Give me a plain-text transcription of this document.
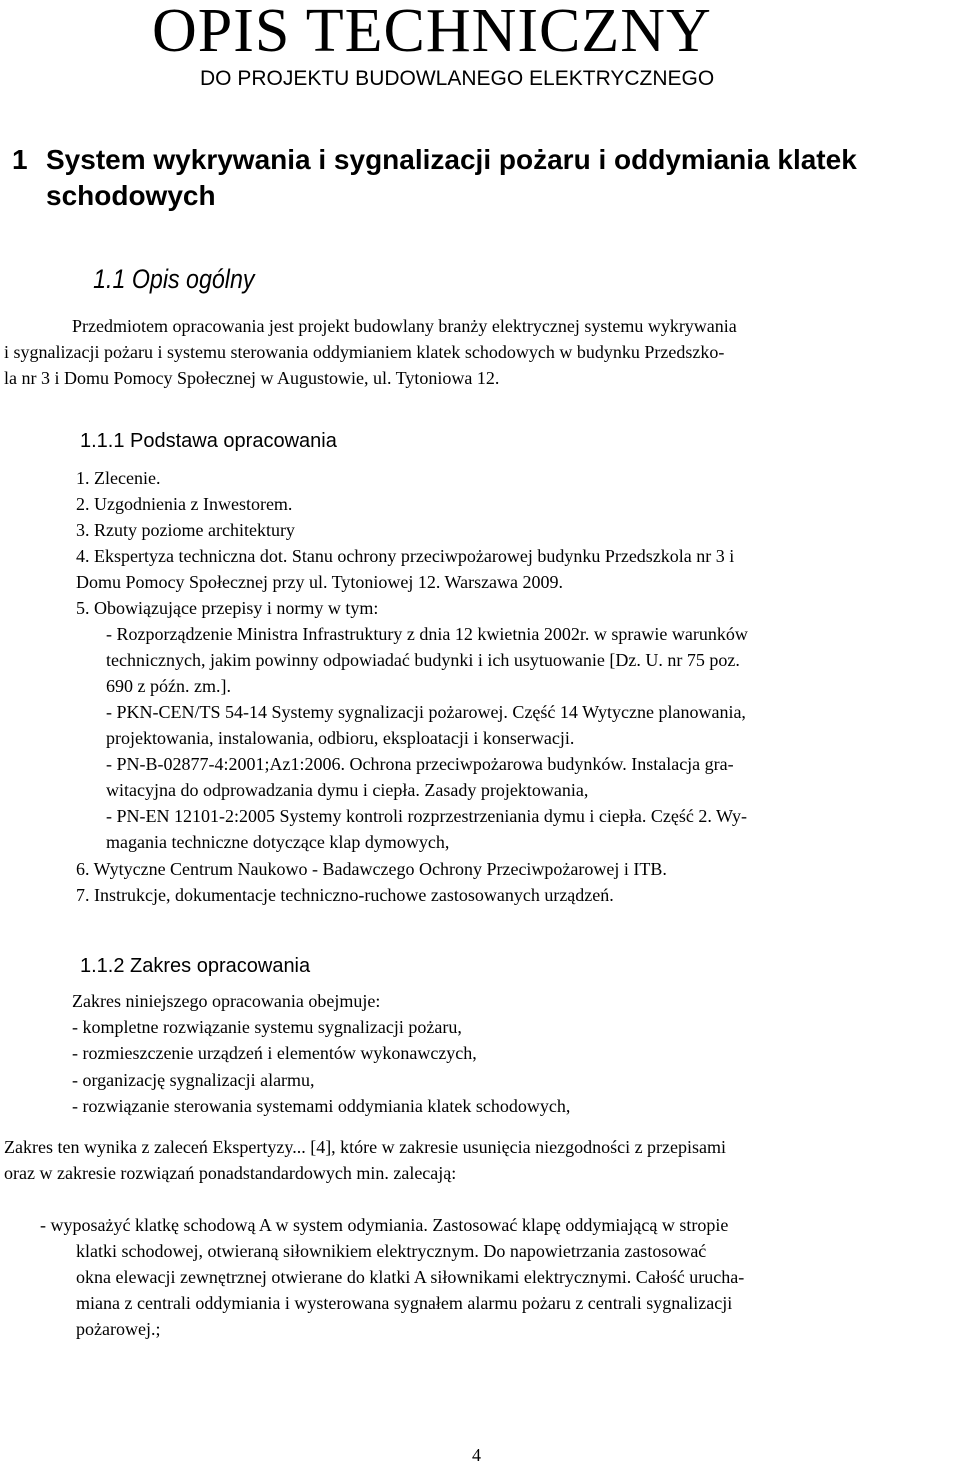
OPIS TECHNICZNY
DO PROJEKTU BUDOWLANEGO ELEKTRYCZNEGO
1 System wykrywania i sygnalizacji pożaru i oddymiania klatek
schodowych
1.1 Opis ogólny
Przedmiotem opracowania jest projekt budowlany branży elektrycznej systemu wykrywania
i sygnalizacji pożaru i systemu sterowania oddymianiem klatek schodowych w budynku Przedszko-
la nr 3 i Domu Pomocy Społecznej w Augustowie, ul. Tytoniowa 12.
1.1.1 Podstawa opracowania
1. Zlecenie.
2. Uzgodnienia z Inwestorem.
3. Rzuty poziome architektury
4. Ekspertyza techniczna dot. Stanu ochrony przeciwpożarowej budynku Przedszkola nr 3 i
Domu Pomocy Społecznej przy ul. Tytoniowej 12. Warszawa 2009.
5. Obowiązujące przepisy i normy w tym:
- Rozporządzenie Ministra Infrastruktury z dnia 12 kwietnia 2002r. w sprawie warunków
technicznych, jakim powinny odpowiadać budynki i ich usytuowanie [Dz. U. nr 75 poz.
690 z późn. zm.].
- PKN-CEN/TS 54-14 Systemy sygnalizacji pożarowej. Część 14 Wytyczne planowania,
projektowania, instalowania, odbioru, eksploatacji i konserwacji.
- PN-B-02877-4:2001;Az1:2006. Ochrona przeciwpożarowa budynków. Instalacja gra-
witacyjna do odprowadzania dymu i ciepła. Zasady projektowania,
- PN-EN 12101-2:2005 Systemy kontroli rozprzestrzeniania dymu i ciepła. Część 2. Wy-
magania techniczne dotyczące klap dymowych,
6. Wytyczne Centrum Naukowo - Badawczego Ochrony Przeciwpożarowej i ITB.
7. Instrukcje, dokumentacje techniczno-ruchowe zastosowanych urządzeń.
1.1.2 Zakres opracowania
Zakres niniejszego opracowania obejmuje:
- kompletne rozwiązanie systemu sygnalizacji pożaru,
- rozmieszczenie urządzeń i elementów wykonawczych,
- organizację sygnalizacji alarmu,
- rozwiązanie sterowania systemami oddymiania klatek schodowych,
Zakres ten wynika z zaleceń Ekspertyzy... [4], które w zakresie usunięcia niezgodności z przepisami
oraz w zakresie rozwiązań ponadstandardowych min. zalecają:
- wyposażyć klatkę schodową A w system odymiania. Zastosować klapę oddymiającą w stropie
klatki schodowej, otwieraną siłownikiem elektrycznym. Do napowietrzania zastosować
okna elewacji zewnętrznej otwierane do klatki A siłownikami elektrycznymi. Całość urucha-
miana z centrali oddymiania i wysterowana sygnałem alarmu pożaru z centrali sygnalizacji
pożarowej.;
4
